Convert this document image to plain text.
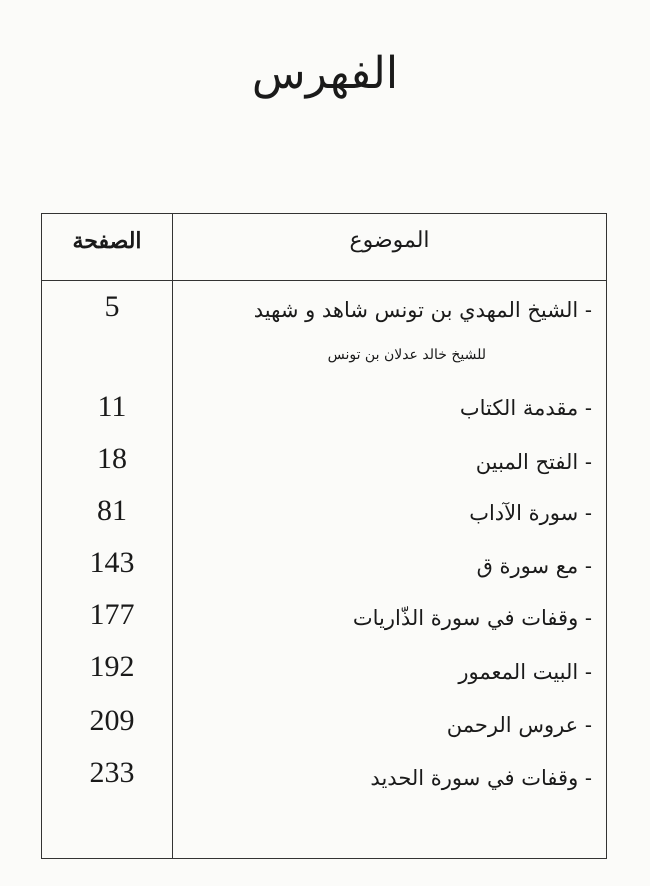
الفهرس
الصفحة	الموضوع
- الشيخ المهدي بن تونس شاهد و شهيد
للشيخ خالد عدلان بن تونس
5
- مقدمة الكتاب
11
- الفتح المبين
18
- سورة الآداب
81
- مع سورة ق
143
- وقفات في سورة الذّاريات
177
- البيت المعمور
192
- عروس الرحمن
209
- وقفات في سورة الحديد
233
